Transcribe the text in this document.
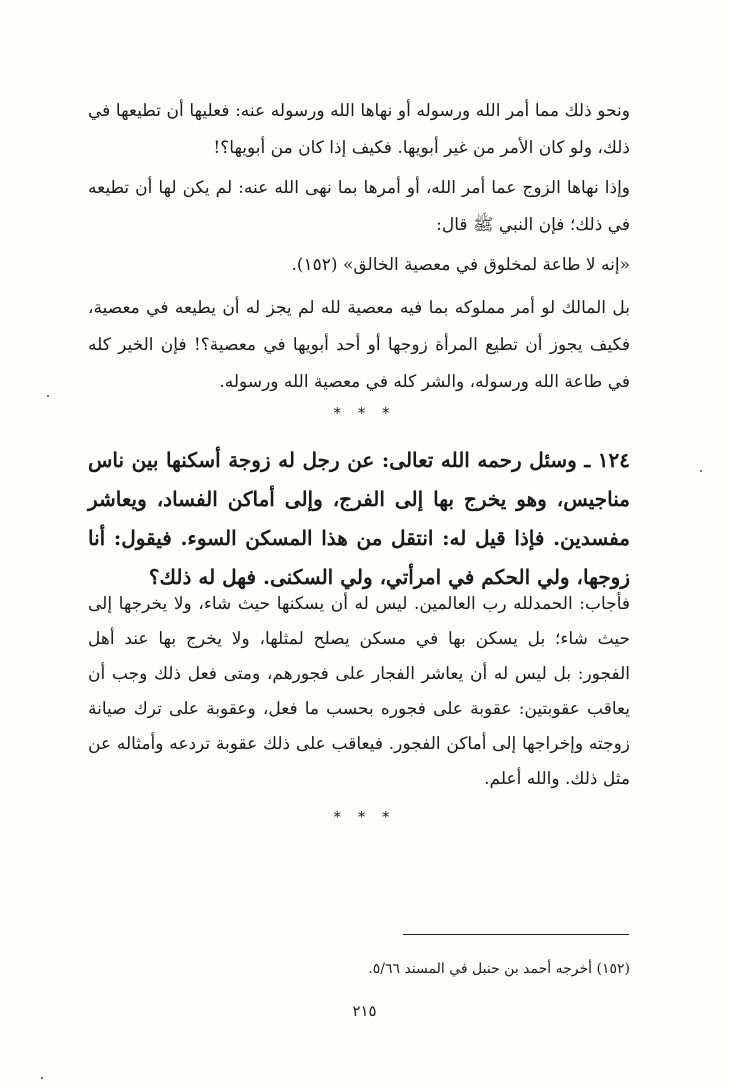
ونحو ذلك مما أمر الله ورسوله أو نهاها الله ورسوله عنه: فعليها أن تطيعها في ذلك، ولو كان الأمر من غير أبويها. فكيف إذا كان من أبويها؟!

وإذا نهاها الزوج عما أمر الله، أو أمرها بما نهى الله عنه: لم يكن لها أن تطيعه في ذلك؛ فإن النبي ﷺ قال:

«إنه لا طاعة لمخلوق في معصية الخالق» (١٥٢).

بل المالك لو أمر مملوكه بما فيه معصية لله لم يجز له أن يطيعه في معصية، فكيف يجوز أن تطيع المرأة زوجها أو أحد أبويها في معصية؟! فإن الخير كله في طاعة الله ورسوله، والشر كله في معصية الله ورسوله.

* * *

١٢٤ ـ وسئل رحمه الله تعالى: عن رجل له زوجة أسكنها بين ناس مناجيس، وهو يخرج بها إلى الفرج، وإلى أماكن الفساد، ويعاشر مفسدين. فإذا قيل له: انتقل من هذا المسكن السوء. فيقول: أنا زوجها، ولي الحكم في امرأتي، ولي السكنى. فهل له ذلك؟

فأجاب: الحمدلله رب العالمين. ليس له أن يسكنها حيث شاء، ولا يخرجها إلى حيث شاء؛ بل يسكن بها في مسكن يصلح لمثلها، ولا يخرج بها عند أهل الفجور: بل ليس له أن يعاشر الفجار على فجورهم، ومتى فعل ذلك وجب أن يعاقب عقوبتين: عقوبة على فجوره بحسب ما فعل، وعقوبة على ترك صيانة زوجته وإخراجها إلى أماكن الفجور. فيعاقب على ذلك عقوبة تردعه وأمثاله عن مثل ذلك. والله أعلم.

* * *
(١٥٢) أخرجه أحمد بن حنبل في المسند ٥/٦٦.
٢١٥
